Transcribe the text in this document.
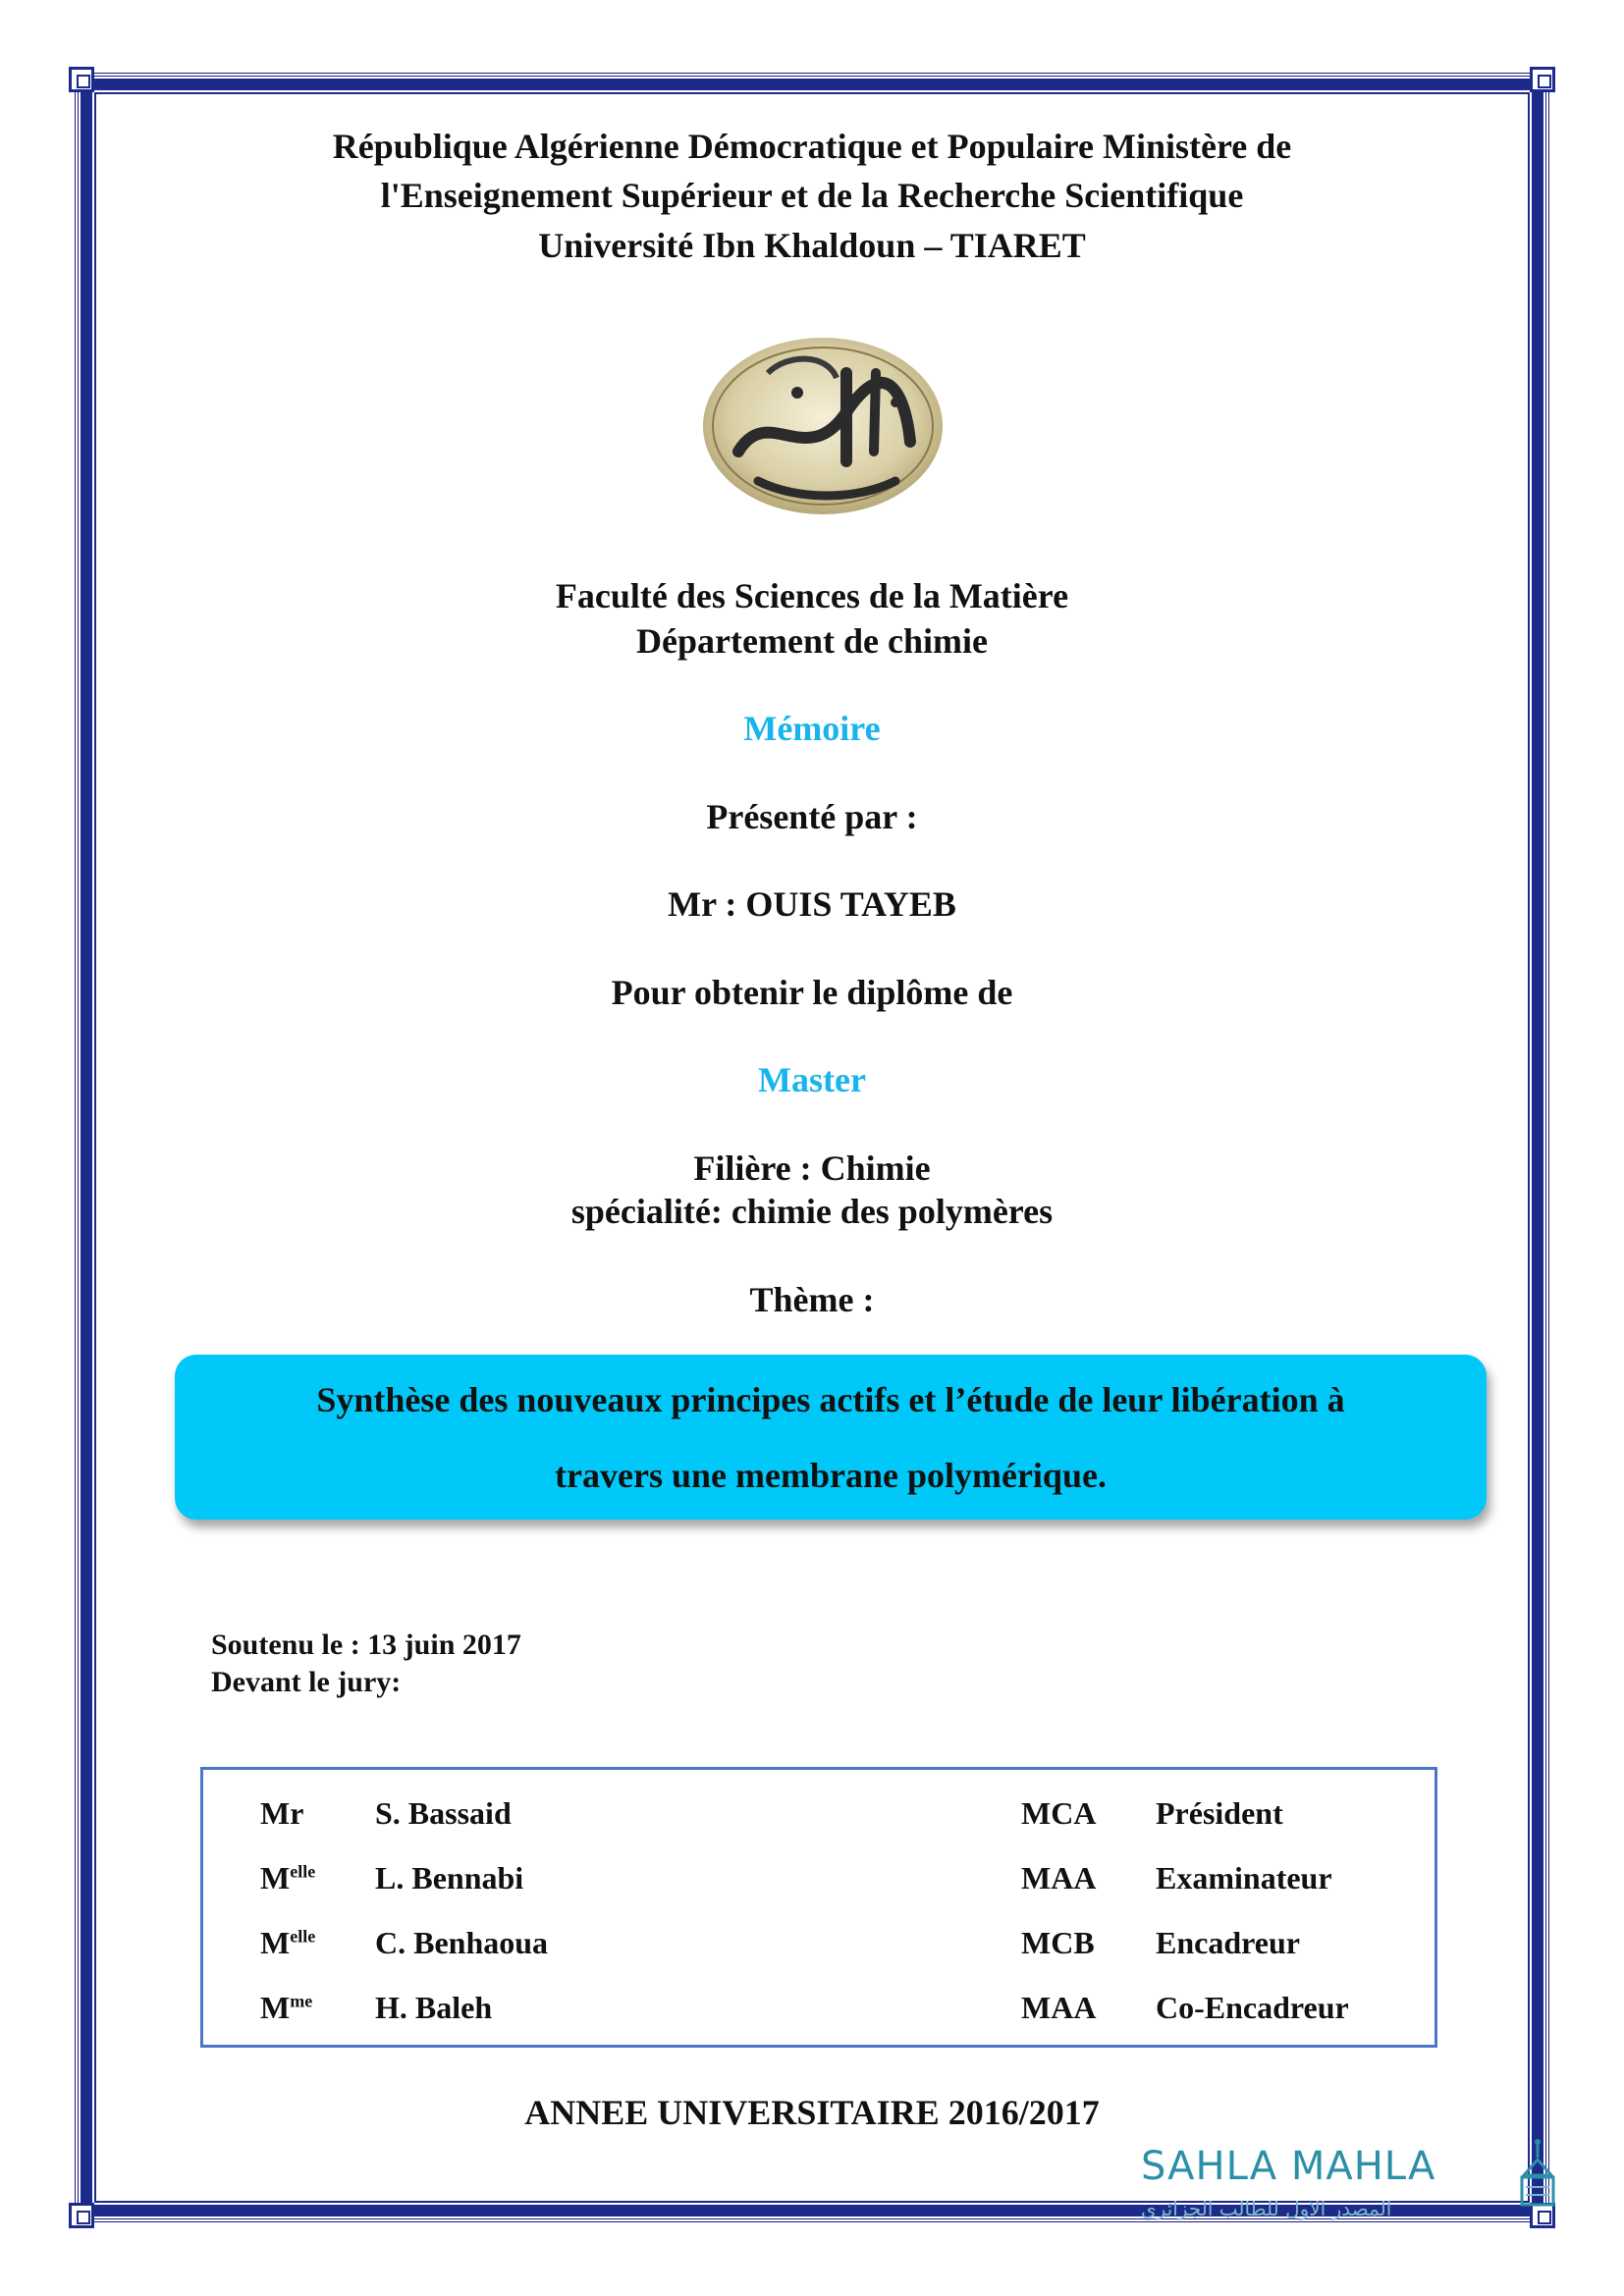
République Algérienne Démocratique et Populaire Ministère de
l'Enseignement Supérieur et de la Recherche Scientifique
Université Ibn Khaldoun – TIARET
Faculté des Sciences de la Matière
Département de chimie
Mémoire
Présenté par :
Mr : OUIS TAYEB
Pour obtenir le diplôme de
Master
Filière : Chimie
spécialité: chimie des polymères
Thème :
Synthèse des nouveaux principes actifs et l’étude de leur libération à
travers une membrane polymérique.
Soutenu le : 13 juin 2017
Devant le jury:
Mr S. Bassaid	MCA Président
$M^{elle}$ L. Bennabi	MAA Examinateur
$M^{elle}$ C. Benhaoua	MCB Encadreur
$M^{me}$ H. Baleh	MAA Co-Encadreur
ANNEE UNIVERSITAIRE 2016/2017
SAHLA MAHLA
المصدر الاول للطالب الجزائري
